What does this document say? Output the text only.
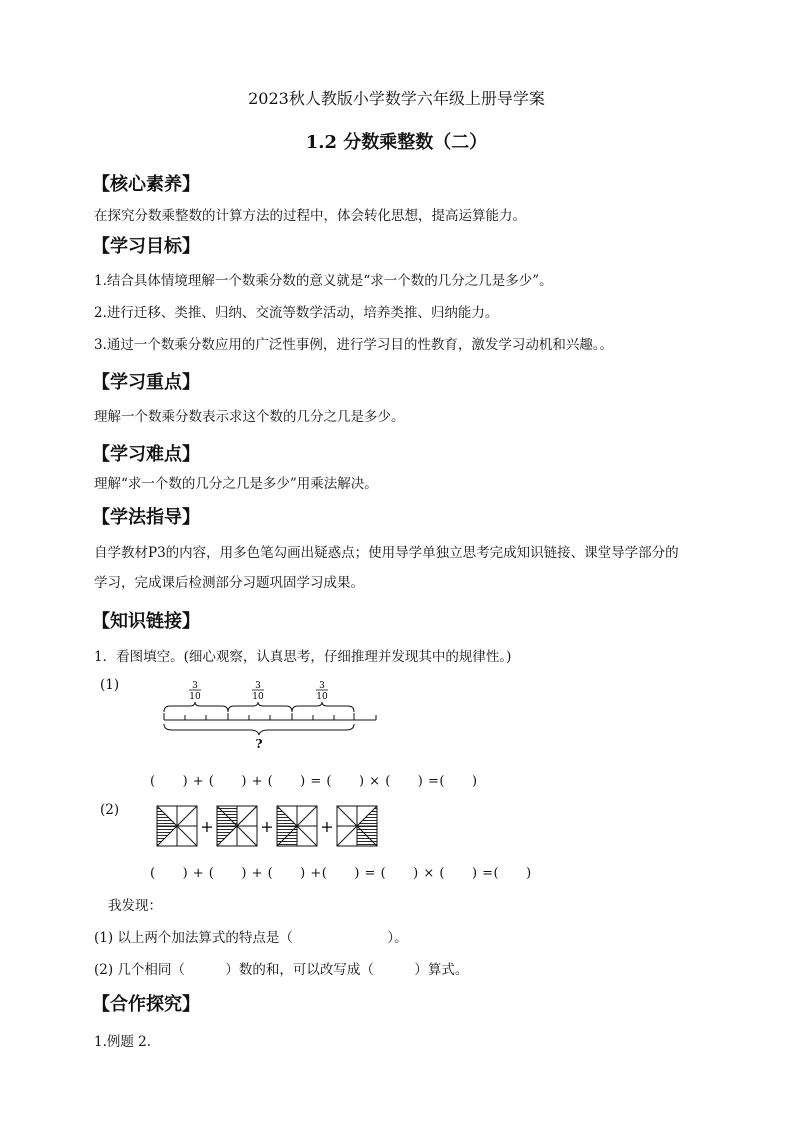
2023秋人教版小学数学六年级上册导学案
1.2 分数乘整数（二）
【核心素养】
在探究分数乘整数的计算方法的过程中，体会转化思想，提高运算能力。
【学习目标】
1.结合具体情境理解一个数乘分数的意义就是“求一个数的几分之几是多少”。
2.进行迁移、类推、归纳、交流等数学活动，培养类推、归纳能力。
3.通过一个数乘分数应用的广泛性事例，进行学习目的性教育，激发学习动机和兴趣。。
【学习重点】
理解一个数乘分数表示求这个数的几分之几是多少。
【学习难点】
理解“求一个数的几分之几是多少”用乘法解决。
【学法指导】
自学教材P3的内容，用多色笔勾画出疑惑点；使用导学单独立思考完成知识链接、课堂导学部分的
学习，完成课后检测部分习题巩固学习成果。
【知识链接】
1．看图填空。(细心观察，认真思考，仔细推理并发现其中的规律性。)
(1)	3
10
3
10
3
10
?
(　　) + (　　) + (　　) = (　　) × (　　) =(　　)
(2)
+	+	+
(　　) + (　　) + (　　) +(　　) = (　　) × (　　) =(　　)
我发现：
(1) 以上两个加法算式的特点是（　　　　　　　）。
(2) 几个相同（　　　）数的和，可以改写成（　　　）算式。
【合作探究】
1.例题 2.
